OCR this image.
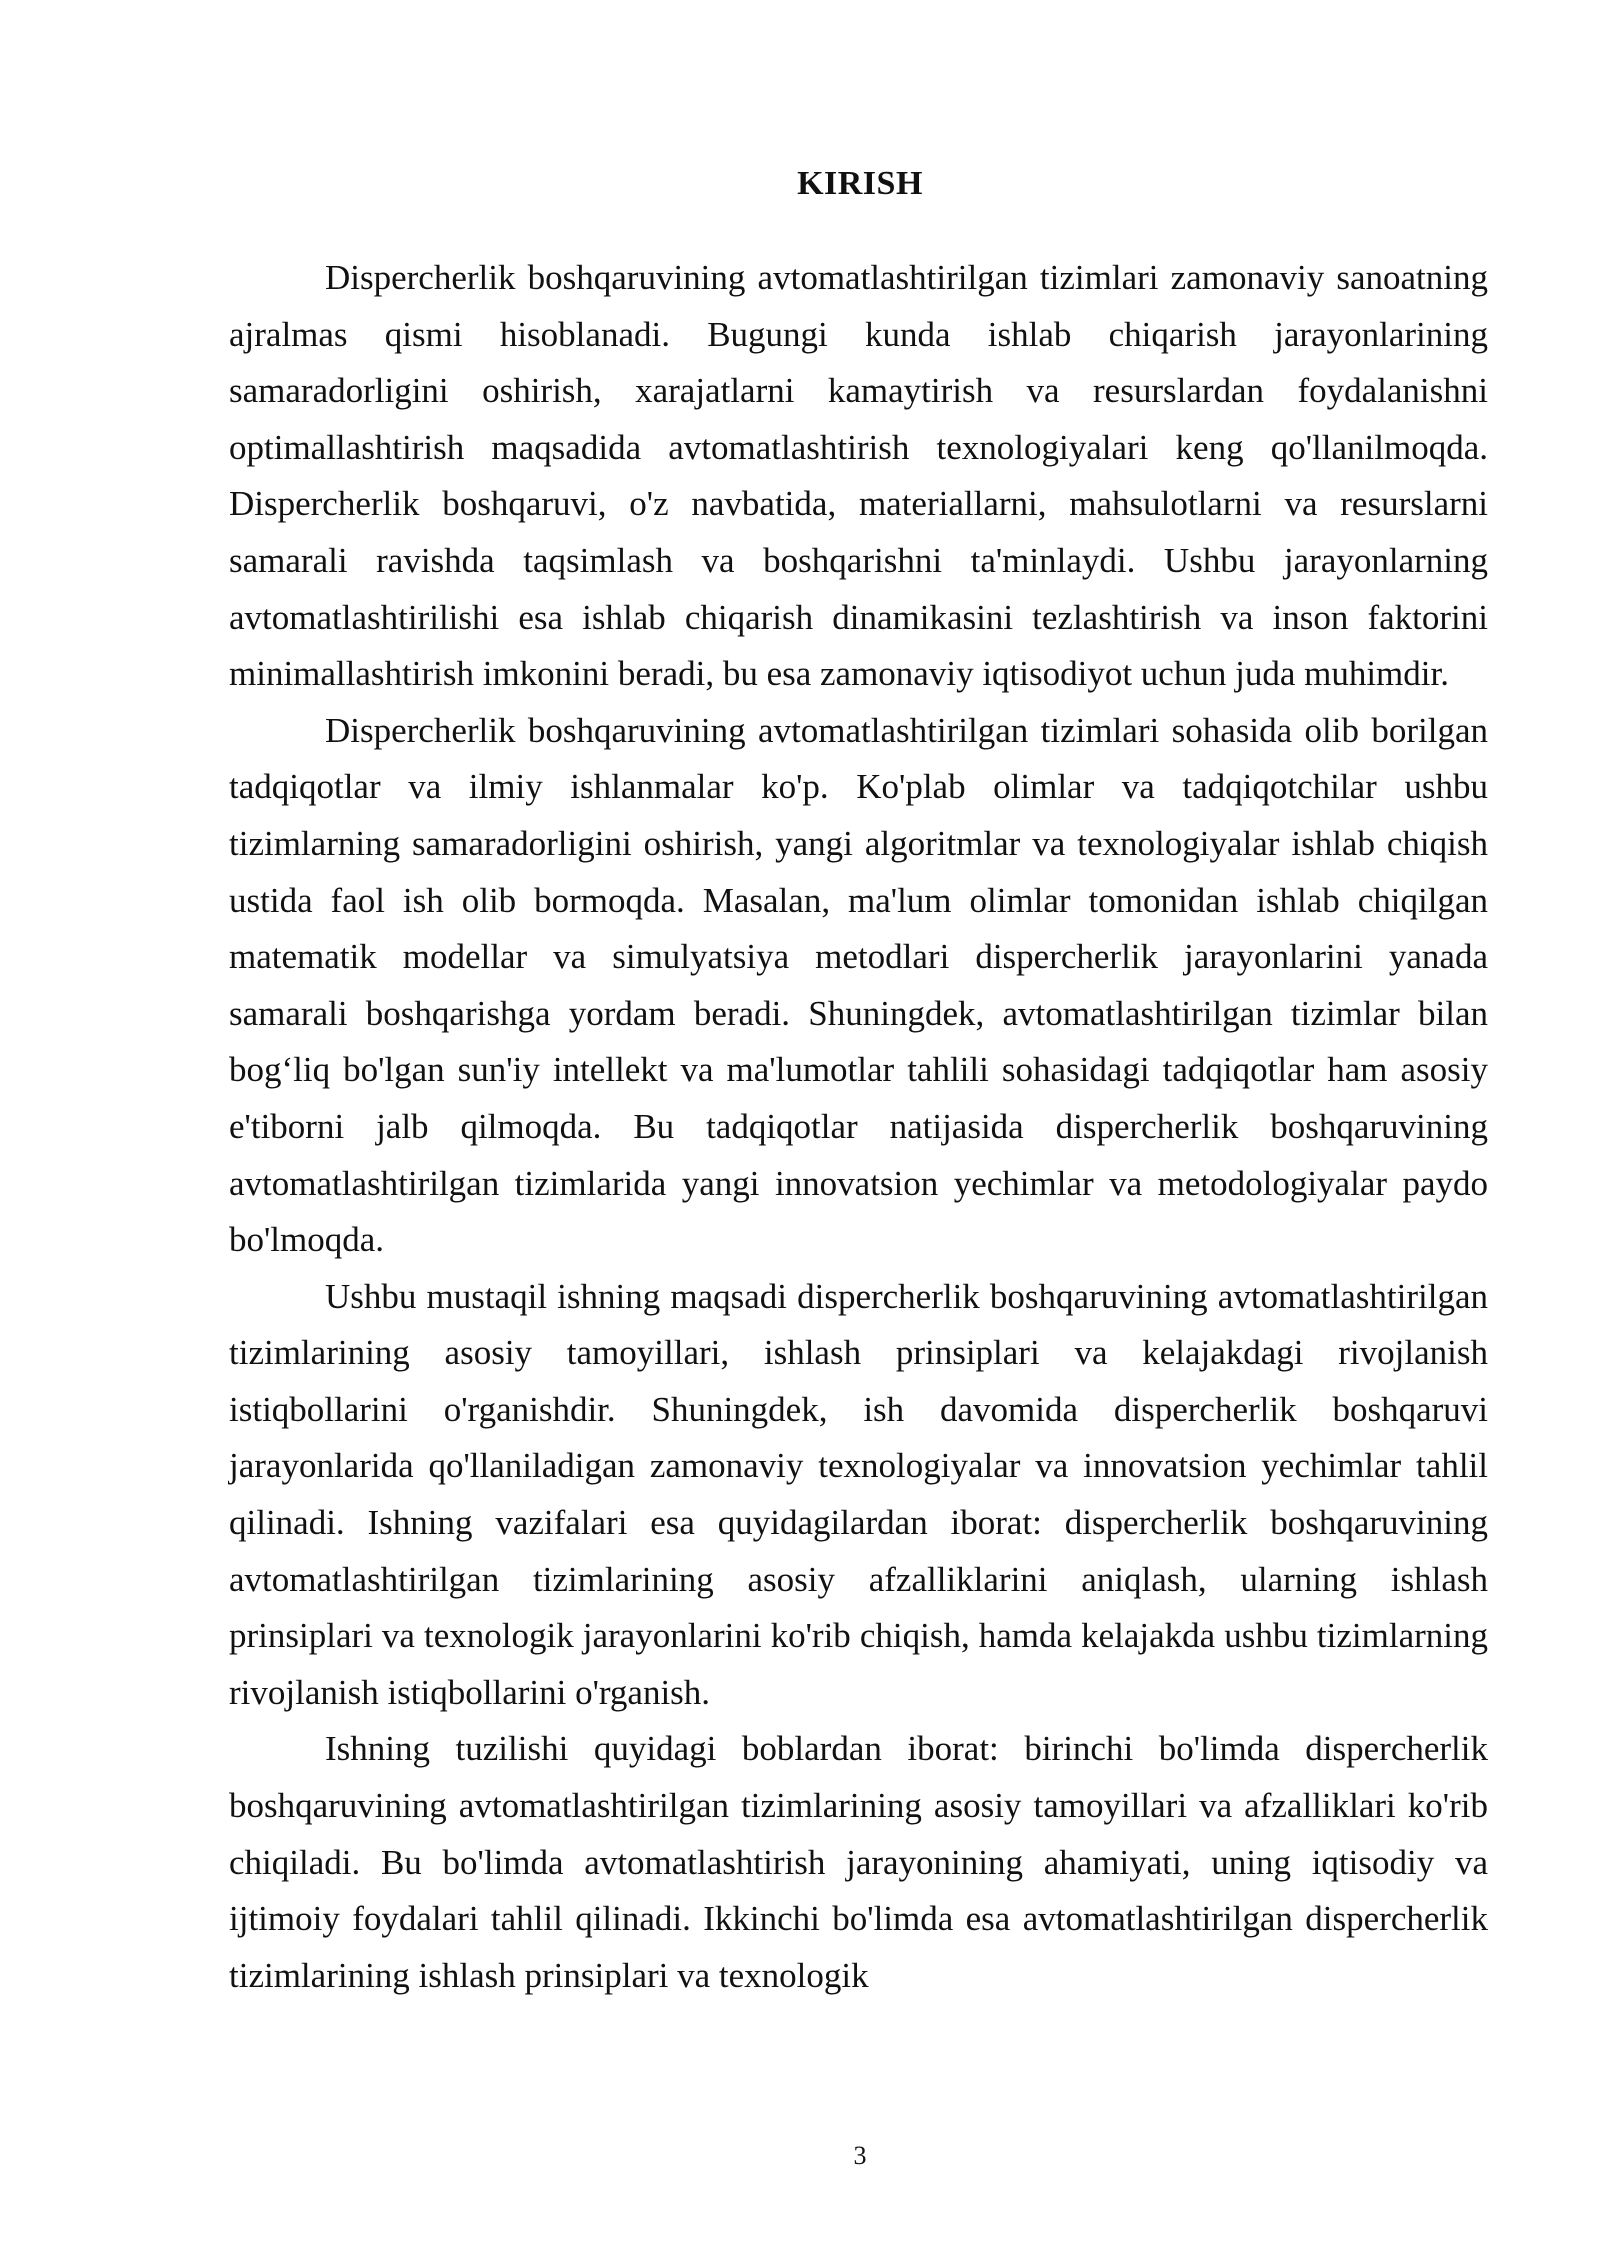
KIRISH

Dispercherlik boshqaruvining avtomatlashtirilgan tizimlari zamonaviy sanoatning ajralmas qismi hisoblanadi. Bugungi kunda ishlab chiqarish jarayonlarining samaradorligini oshirish, xarajatlarni kamaytirish va resurslardan foydalanishni optimallashtirish maqsadida avtomatlashtirish texnologiyalari keng qo'llanilmoqda. Dispercherlik boshqaruvi, o'z navbatida, materiallarni, mahsulotlarni va resurslarni samarali ravishda taqsimlash va boshqarishni ta'minlaydi. Ushbu jarayonlarning avtomatlashtirilishi esa ishlab chiqarish dinamikasini tezlashtirish va inson faktorini minimallashtirish imkonini beradi, bu esa zamonaviy iqtisodiyot uchun juda muhimdir.

Dispercherlik boshqaruvining avtomatlashtirilgan tizimlari sohasida olib borilgan tadqiqotlar va ilmiy ishlanmalar ko'p. Ko'plab olimlar va tadqiqotchilar ushbu tizimlarning samaradorligini oshirish, yangi algoritmlar va texnologiyalar ishlab chiqish ustida faol ish olib bormoqda. Masalan, ma'lum olimlar tomonidan ishlab chiqilgan matematik modellar va simulyatsiya metodlari dispercherlik jarayonlarini yanada samarali boshqarishga yordam beradi. Shuningdek, avtomatlashtirilgan tizimlar bilan bog‘liq bo'lgan sun'iy intellekt va ma'lumotlar tahlili sohasidagi tadqiqotlar ham asosiy e'tiborni jalb qilmoqda. Bu tadqiqotlar natijasida dispercherlik boshqaruvining avtomatlashtirilgan tizimlarida yangi innovatsion yechimlar va metodologiyalar paydo bo'lmoqda.

Ushbu mustaqil ishning maqsadi dispercherlik boshqaruvining avtomatlashtirilgan tizimlarining asosiy tamoyillari, ishlash prinsiplari va kelajakdagi rivojlanish istiqbollarini o'rganishdir. Shuningdek, ish davomida dispercherlik boshqaruvi jarayonlarida qo'llaniladigan zamonaviy texnologiyalar va innovatsion yechimlar tahlil qilinadi. Ishning vazifalari esa quyidagilardan iborat: dispercherlik boshqaruvining avtomatlashtirilgan tizimlarining asosiy afzalliklarini aniqlash, ularning ishlash prinsiplari va texnologik jarayonlarini ko'rib chiqish, hamda kelajakda ushbu tizimlarning rivojlanish istiqbollarini o'rganish.

Ishning tuzilishi quyidagi boblardan iborat: birinchi bo'limda dispercherlik boshqaruvining avtomatlashtirilgan tizimlarining asosiy tamoyillari va afzalliklari ko'rib chiqiladi. Bu bo'limda avtomatlashtirish jarayonining ahamiyati, uning iqtisodiy va ijtimoiy foydalari tahlil qilinadi. Ikkinchi bo'limda esa avtomatlashtirilgan dispercherlik tizimlarining ishlash prinsiplari va texnologik

3
